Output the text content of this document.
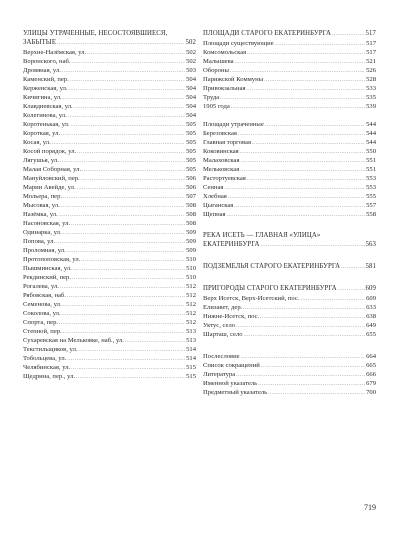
УЛИЦЫ УТРАЧЕННЫЕ, НЕСОСТОЯВШИЕСЯ,
ЗАБЫТЫЕ .....	502
Верхне-Назёмская, ул. .....	502
Воронского, наб. .....	502
Дровяная, ул. .....	503
Каменский, пер. .....	504
Керженская, ул. .....	504
Кичигина, ул. .....	504
Клавдиевская, ул. .....	504
Колегинова, ул. .....	504
Коротенькая, ул. .....	505
Короткая, ул. .....	505
Косая, ул. .....	505
Косой порядок, ул. .....	505
Лягушья, ул. .....	505
Малая Соборная, ул. .....	505
Мануйловский, пер. .....	506
Марии Авейде, ул. .....	506
Мольера, пер. .....	507
Мысовая, ул. .....	508
Назёмка, ул. .....	508
Насоновская, ул. .....	508
Одинарка, ул. .....	509
Попова, ул. .....	509
Проломная, ул. .....	509
Протопоповская, ул. .....	510
Пышминская, ул. .....	510
Рекдинский, пер. .....	510
Рогалева, ул. .....	512
Рябовская, наб. .....	512
Семенова, ул. .....	512
Соколова, ул. .....	512
Спорта, пер. .....	512
Степной, пер. .....	513
Сухаревская на Мельковке, наб., ул. .....	513
Текстильщиков, ул. .....	514
Тобольцева, ул. .....	514
Челябинская, ул. .....	515
Щедрина, пер., ул. .....	515
ПЛОЩАДИ СТАРОГО ЕКАТЕРИНБУРГА .....	517
Площади существующие .....	517
Комсомольская .....	517
Малышева .....	521
Обороны .....	526
Парижской Коммуны .....	528
Привокзальная .....	533
Труда .....	535
1905 года .....	539
Площади утраченные .....	544
Березовская .....	544
Главная торговая .....	544
Коковинская .....	550
Малаховская .....	551
Мельковская .....	551
Растортуевская .....	553
Сенная .....	553
Хлебная .....	555
Цыганская .....	557
Щепная .....	558
РЕКА ИСЕТЬ — ГЛАВНАЯ «УЛИЦА»
ЕКАТЕРИНБУРГА .....	563
ПОДЗЕМЕЛЬЯ СТАРОГО ЕКАТЕРИНБУРГА .....	581
ПРИГОРОДЫ СТАРОГО ЕКАТЕРИНБУРГА .....	609
Верх Исетск, Верх-Исетский, пос. .....	609
Елизавет, дер. .....	633
Нижне-Исетск, пос. .....	638
Уктус, село .....	649
Шарташ, село .....	655
Послесловие .....	664
Список сокращений .....	665
Литература .....	666
Именной указатель .....	679
Предметный указатель .....	700
719
